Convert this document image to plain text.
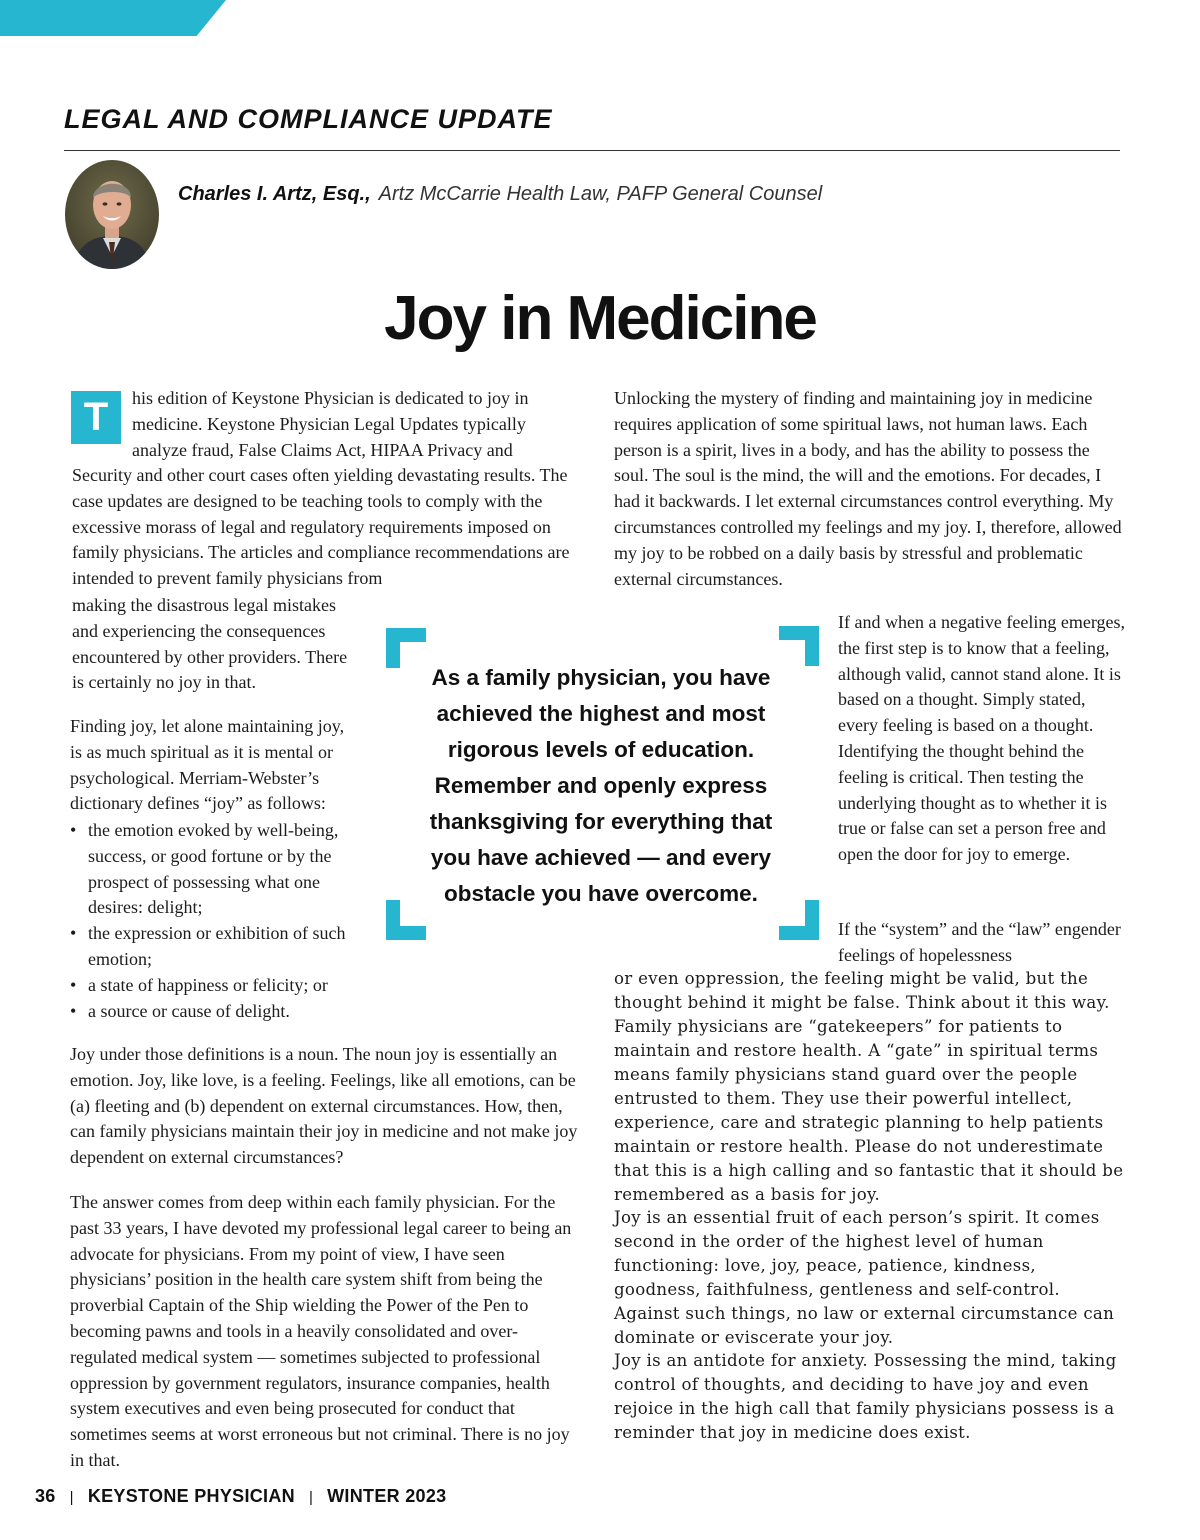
LEGAL AND COMPLIANCE UPDATE
Charles I. Artz, Esq., Artz McCarrie Health Law, PAFP General Counsel
Joy in Medicine
T	his edition of Keystone Physician is dedicated to joy in medicine. Keystone Physician Legal Updates typically analyze fraud, False Claims Act, HIPAA Privacy and

Security and other court cases often yielding devastating results. The case updates are designed to be teaching tools to comply with the excessive morass of legal and regulatory requirements imposed on family physicians. The articles and compliance recommendations are intended to prevent family physicians from

making the disastrous legal mistakes and experiencing the consequences encountered by other providers. There is certainly no joy in that.

Finding joy, let alone maintaining joy, is as much spiritual as it is mental or psychological. Merriam-Webster’s dictionary defines “joy” as follows:

• the emotion evoked by well-being, success, or good fortune or by the prospect of possessing what one desires: delight;
• the expression or exhibition of such emotion;
• a state of happiness or felicity; or
• a source or cause of delight.

Joy under those definitions is a noun. The noun joy is essentially an emotion. Joy, like love, is a feeling. Feelings, like all emotions, can be (a) fleeting and (b) dependent on external circumstances. How, then, can family physicians maintain their joy in medicine and not make joy dependent on external circumstances?

The answer comes from deep within each family physician. For the past 33 years, I have devoted my professional legal career to being an advocate for physicians. From my point of view, I have seen physicians’ position in the health care system shift from being the proverbial Captain of the Ship wielding the Power of the Pen to becoming pawns and tools in a heavily consolidated and over-regulated medical system — sometimes subjected to professional oppression by government regulators, insurance companies, health system executives and even being prosecuted for conduct that sometimes seems at worst erroneous but not criminal. There is no joy in that.

Unlocking the mystery of finding and maintaining joy in medicine requires application of some spiritual laws, not human laws. Each person is a spirit, lives in a body, and has the ability to possess the soul. The soul is the mind, the will and the emotions. For decades, I had it backwards. I let external circumstances control everything. My circumstances controlled my feelings and my joy. I, therefore, allowed my joy to be robbed on a daily basis by stressful and problematic external circumstances.

If and when a negative feeling emerges, the first step is to know that a feeling, although valid, cannot stand alone. It is based on a thought. Simply stated, every feeling is based on a thought. Identifying the thought behind the feeling is critical. Then testing the underlying thought as to whether it is true or false can set a person free and open the door for joy to emerge.

If the “system” and the “law” engender feelings of hopelessness

or even oppression, the feeling might be valid, but the thought behind it might be false. Think about it this way. Family physicians are “gatekeepers” for patients to maintain and restore health. A “gate” in spiritual terms means family physicians stand guard over the people entrusted to them. They use their powerful intellect, experience, care and strategic planning to help patients maintain or restore health. Please do not underestimate that this is a high calling and so fantastic that it should be remembered as a basis for joy.

Joy is an essential fruit of each person’s spirit. It comes second in the order of the highest level of human functioning: love, joy, peace, patience, kindness, goodness, faithfulness, gentleness and self-control. Against such things, no law or external circumstance can dominate or eviscerate your joy.

Joy is an antidote for anxiety. Possessing the mind, taking control of thoughts, and deciding to have joy and even rejoice in the high call that family physicians possess is a reminder that joy in medicine does exist.

As a family physician, you have achieved the highest and most rigorous levels of education. Remember and openly express thanksgiving for everything that you have achieved — and every obstacle you have overcome.

36 | KEYSTONE PHYSICIAN | WINTER 2023
